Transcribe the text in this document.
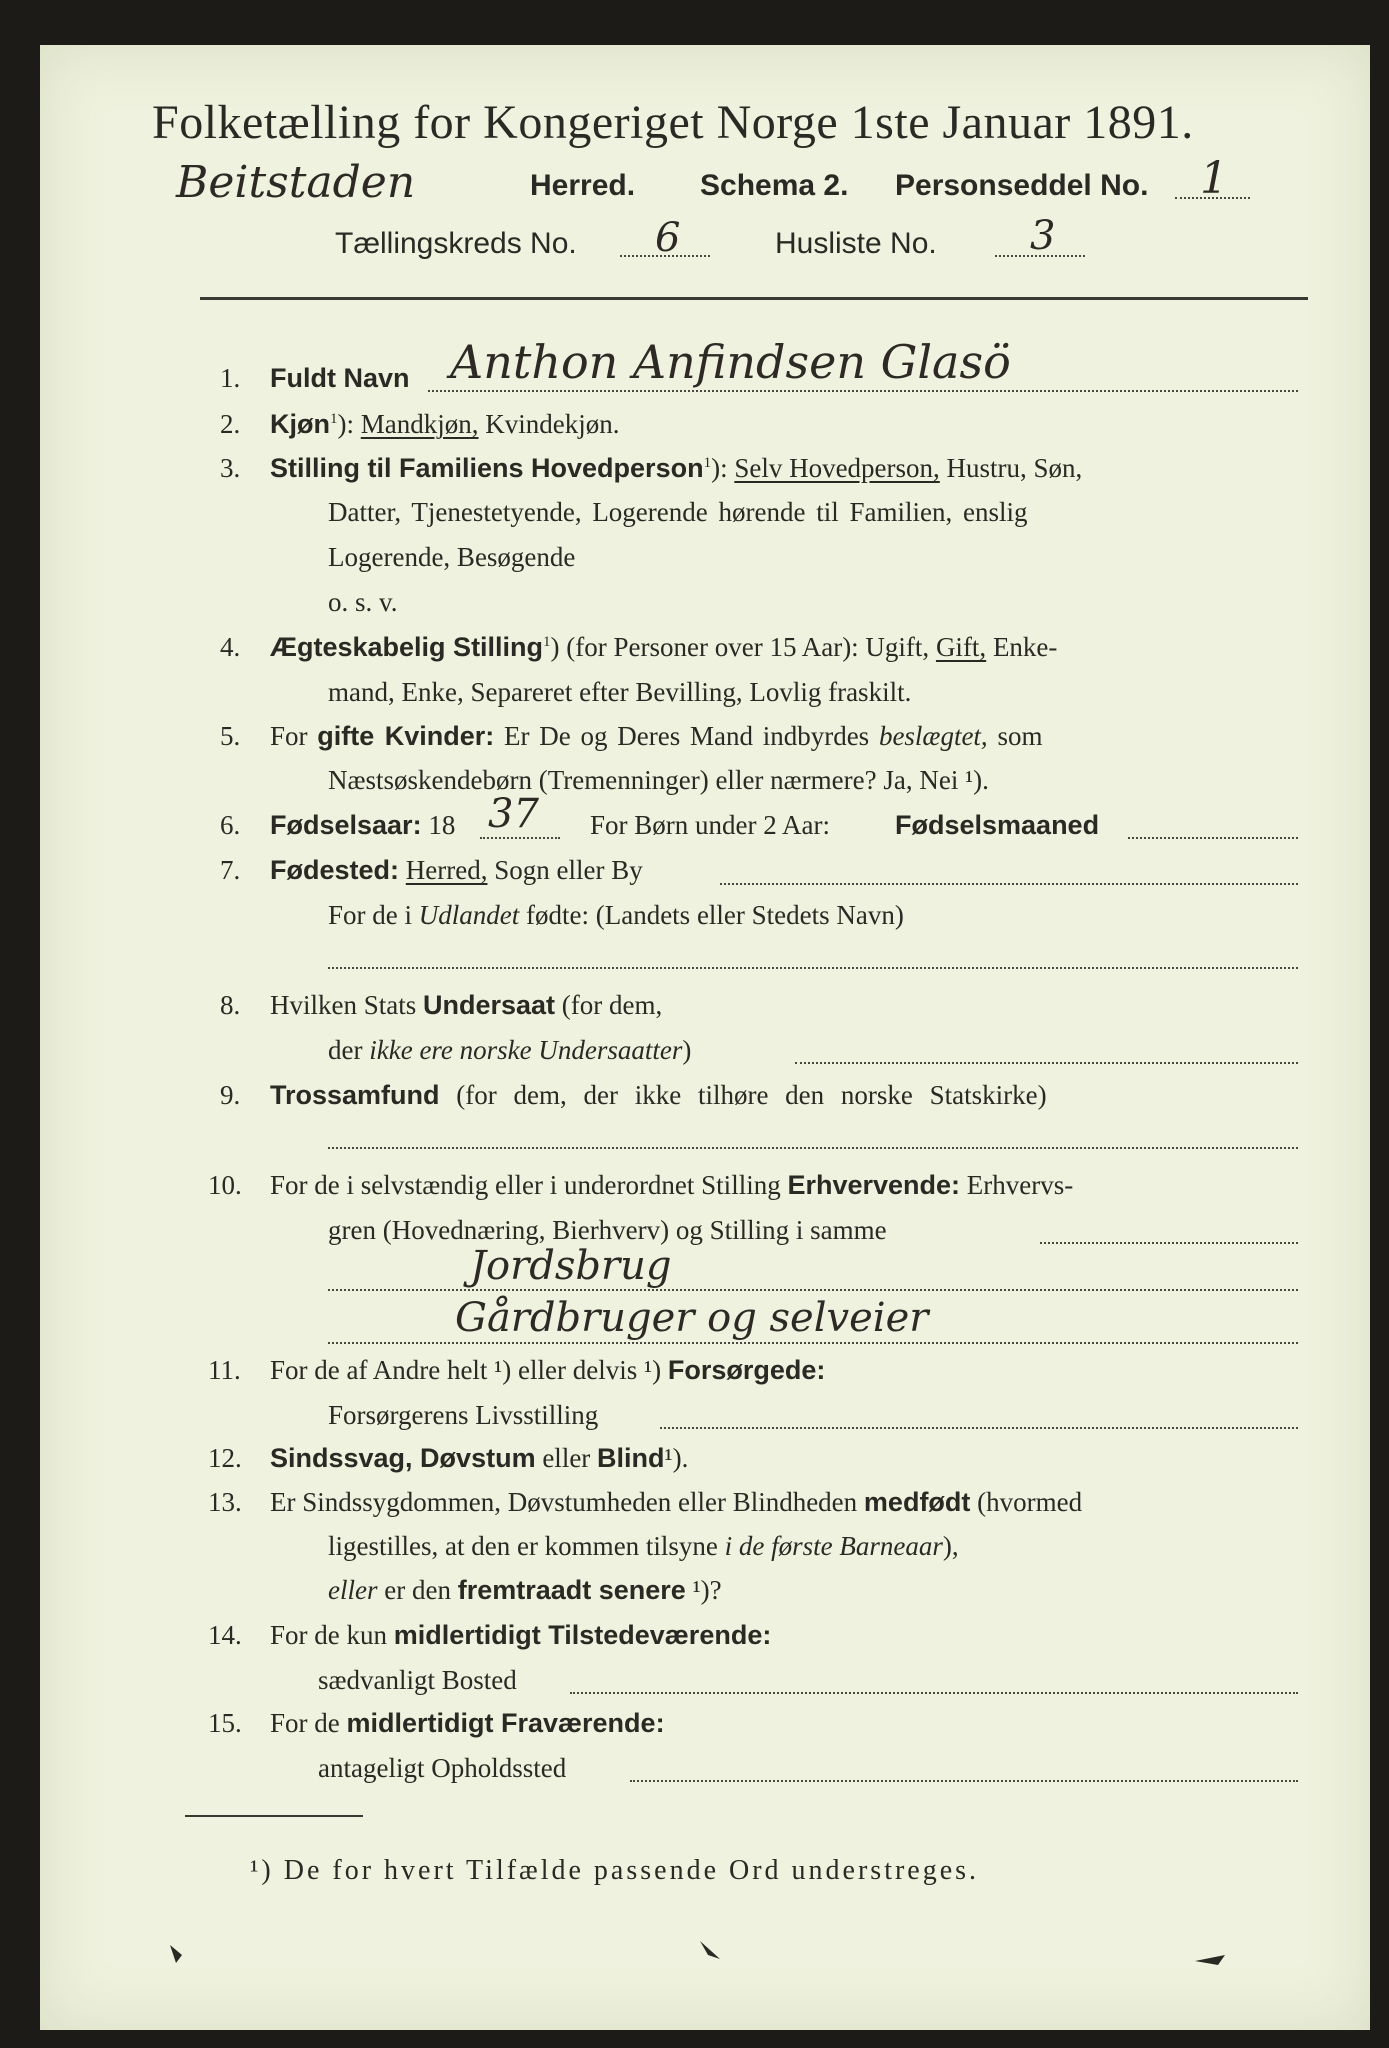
Folketælling for Kongeriget Norge 1ste Januar 1891.
Beitstaden	Herred. Schema 2. Personseddel No. 1
Tællingskreds No. 6	Husliste No. 3
1. Fuldt Navn Anthon Anfindsen Glasö
2. Kjøn$^1$): Mandkjøn, Kvindekjøn.
3. Stilling til Familiens Hovedperson$^1$): Selv Hovedperson, Hustru, Søn,
Datter, Tjenestetyende, Logerende hørende til Familien, enslig
Logerende, Besøgende
o. s. v.
4. Ægteskabelig Stilling$^1$) (for Personer over 15 Aar): Ugift, Gift, Enke-
mand, Enke, Separeret efter Bevilling, Lovlig fraskilt.
5. For gifte Kvinder: Er De og Deres Mand indbyrdes beslægtet, som
Næstsøskendebørn (Tremenninger) eller nærmere? Ja, Nei ¹).
6. Fødselsaar: 18 37 For Børn under 2 Aar: Fødselsmaaned
7. Fødested: Herred, Sogn eller By
For de i Udlandet fødte: (Landets eller Stedets Navn)
8. Hvilken Stats Undersaat (for dem,
der ikke ere norske Undersaatter)
9. Trossamfund (for dem, der ikke tilhøre den norske Statskirke)
10. For de i selvstændig eller i underordnet Stilling Erhvervende: Erhvervs-
gren (Hovednæring, Bierhverv) og Stilling i samme
Jordsbrug
Gårdbruger og selveier
11. For de af Andre helt ¹) eller delvis ¹) Forsørgede:
Forsørgerens Livsstilling
12. Sindssvag, Døvstum eller Blind¹).
13. Er Sindssygdommen, Døvstumheden eller Blindheden medfødt (hvormed
ligestilles, at den er kommen tilsyne i de første Barneaar),
eller er den fremtraadt senere ¹)?
14. For de kun midlertidigt Tilstedeværende:
sædvanligt Bosted
15. For de midlertidigt Fraværende:
antageligt Opholdssted
¹) De for hvert Tilfælde passende Ord understreges.
